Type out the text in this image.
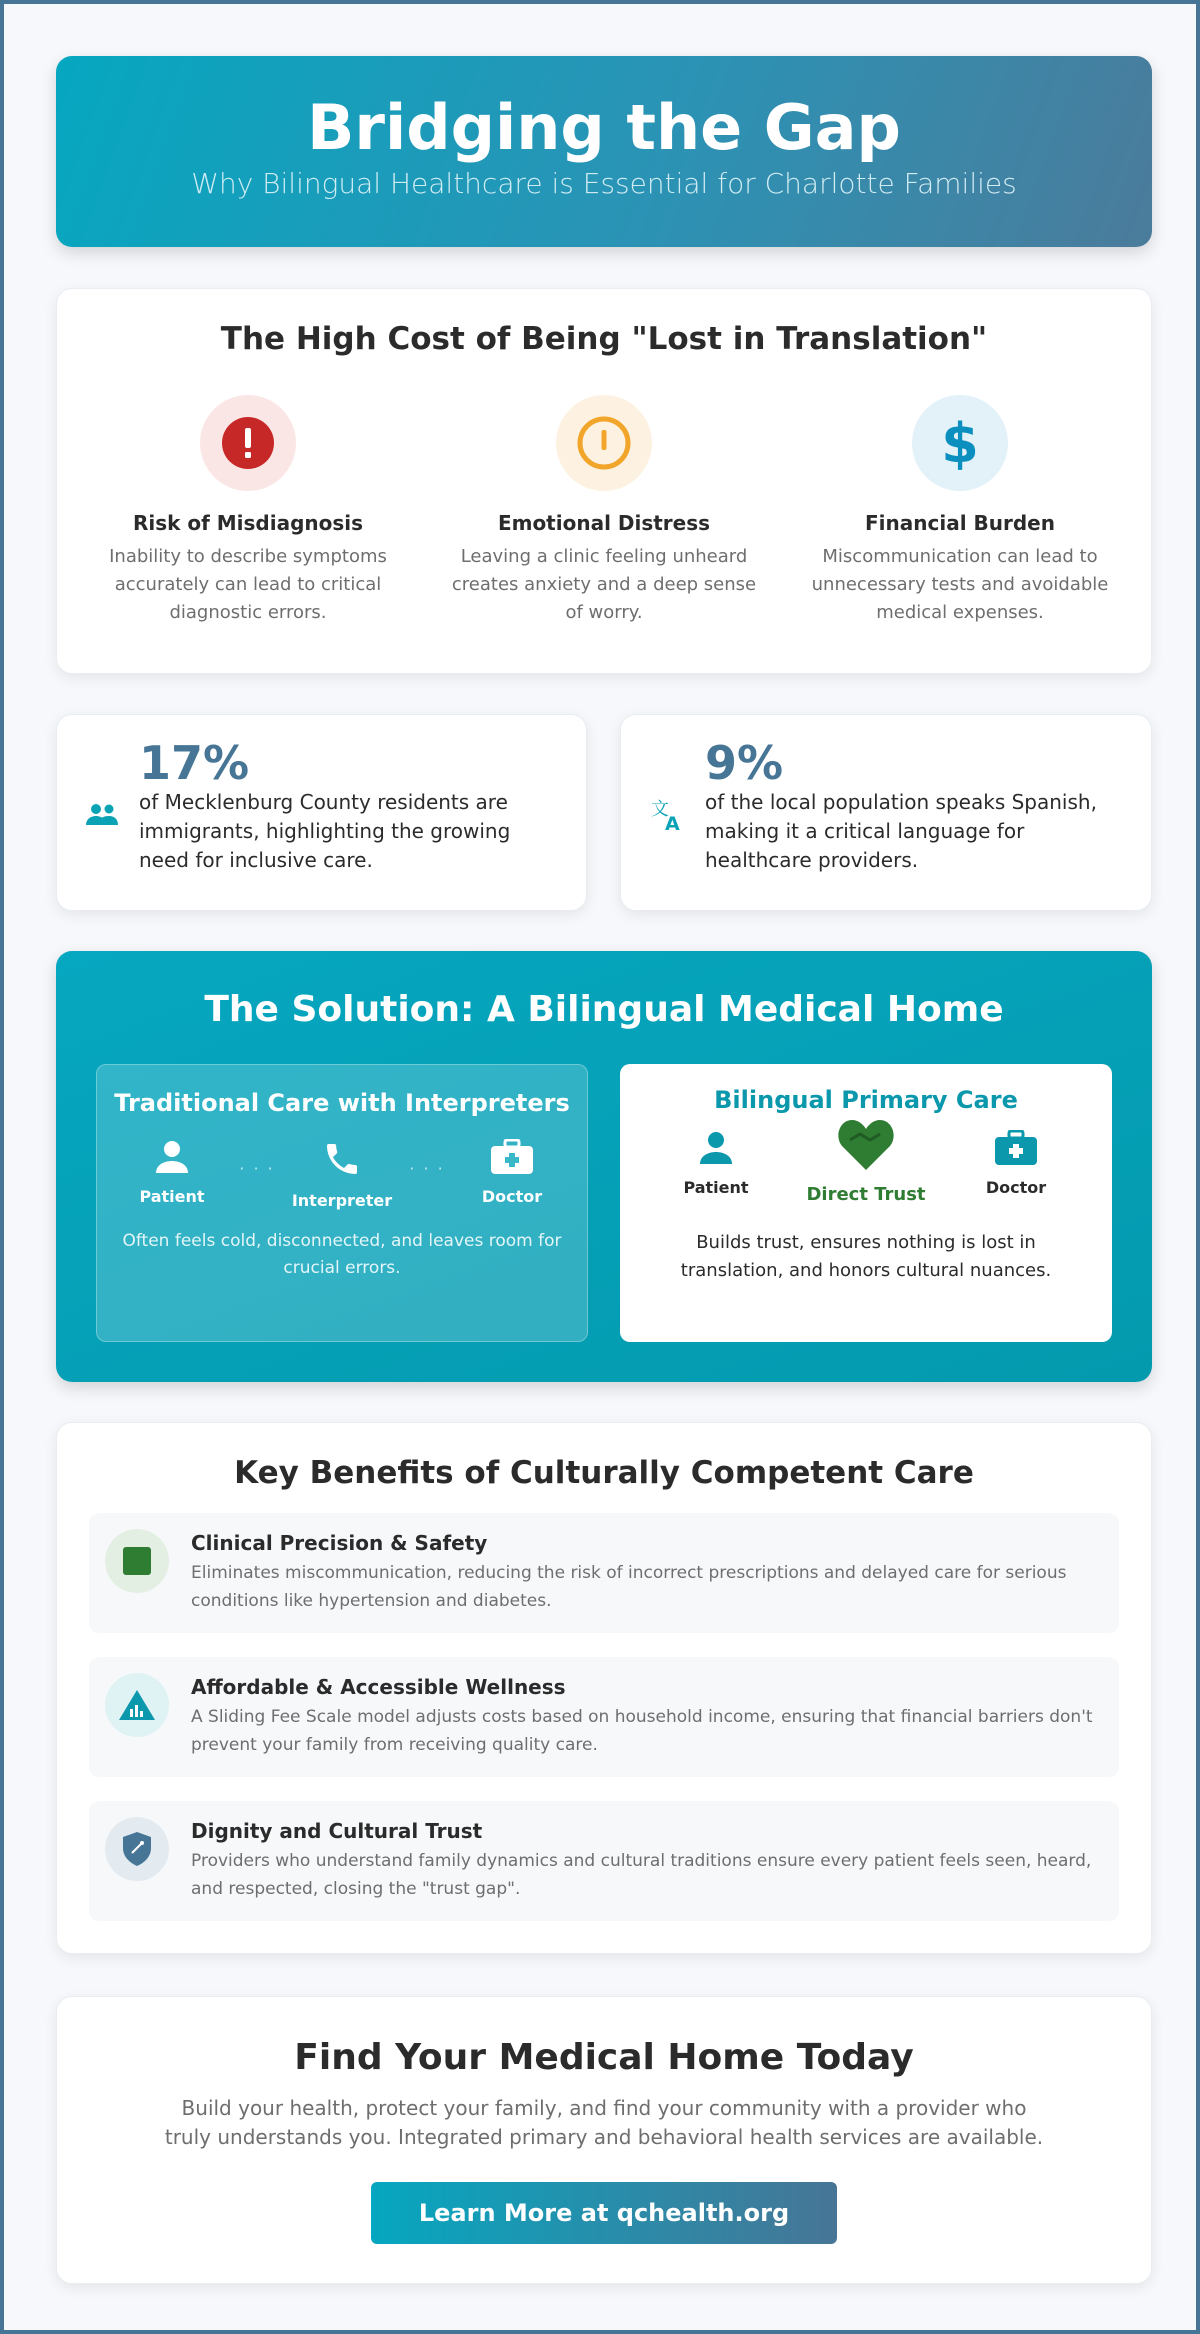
Bridging the Gap

Why Bilingual Healthcare is Essential for Charlotte Families

The High Cost of Being "Lost in Translation"
Risk of Misdiagnosis

Inability to describe symptoms accurately can lead to critical diagnostic errors.

Emotional Distress

Leaving a clinic feeling unheard creates anxiety and a deep sense of worry.

$
Financial Burden

Miscommunication can lead to unnecessary tests and avoidable medical expenses.

17%
of Mecklenburg County residents are immigrants, highlighting the growing need for inclusive care.
文
A
9%
of the local population speaks Spanish, making it a critical language for healthcare providers.
The Solution: A Bilingual Medical Home
Traditional Care with Interpreters
Patient
· · ·
Interpreter
· · ·
Doctor
Often feels cold, disconnected, and leaves room for crucial errors.
Bilingual Primary Care
Patient	Direct Trust	Doctor
Builds trust, ensures nothing is lost in translation, and honors cultural nuances.
Key Benefits of Culturally Competent Care
Clinical Precision & Safety

Eliminates miscommunication, reducing the risk of incorrect prescriptions and delayed care for serious conditions like hypertension and diabetes.

Affordable & Accessible Wellness

A Sliding Fee Scale model adjusts costs based on household income, ensuring that financial barriers don't prevent your family from receiving quality care.

Dignity and Cultural Trust

Providers who understand family dynamics and cultural traditions ensure every patient feels seen, heard, and respected, closing the "trust gap".

Find Your Medical Home Today

Build your health, protect your family, and find your community with a provider who truly understands you. Integrated primary and behavioral health services are available.

Learn More at qchealth.org
